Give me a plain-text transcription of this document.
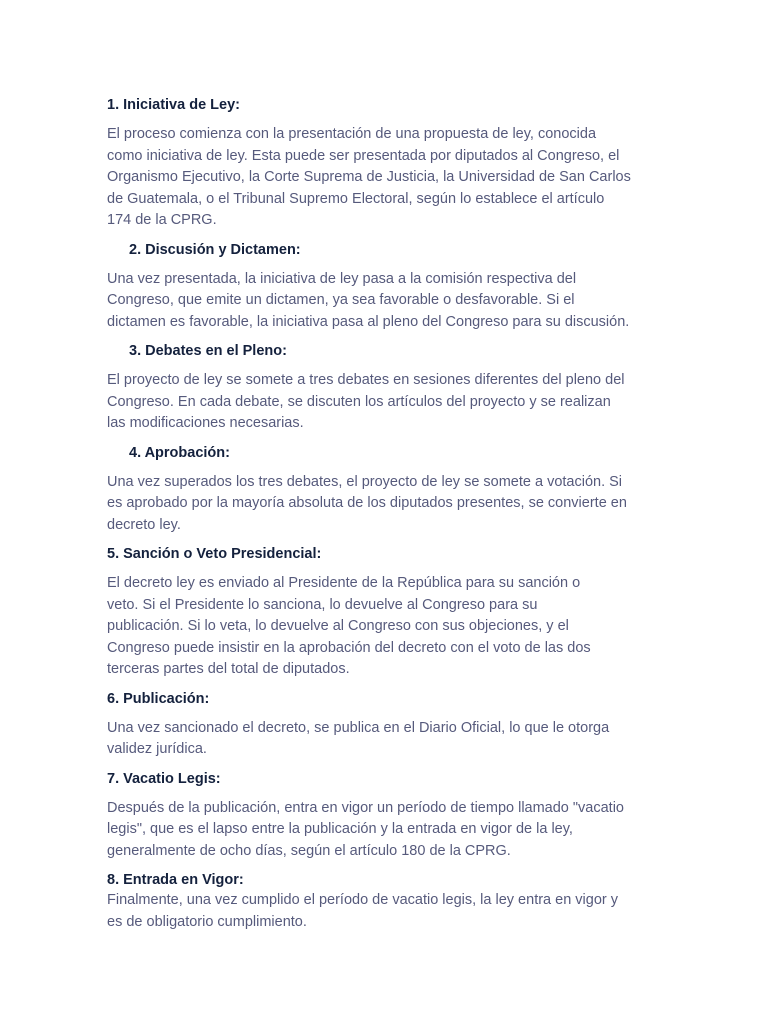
1. Iniciativa de Ley:

El proceso comienza con la presentación de una propuesta de ley, conocida
como iniciativa de ley. Esta puede ser presentada por diputados al Congreso, el
Organismo Ejecutivo, la Corte Suprema de Justicia, la Universidad de San Carlos
de Guatemala, o el Tribunal Supremo Electoral, según lo establece el artículo
174 de la CPRG.

2. Discusión y Dictamen:

Una vez presentada, la iniciativa de ley pasa a la comisión respectiva del
Congreso, que emite un dictamen, ya sea favorable o desfavorable. Si el
dictamen es favorable, la iniciativa pasa al pleno del Congreso para su discusión.

3. Debates en el Pleno:

El proyecto de ley se somete a tres debates en sesiones diferentes del pleno del
Congreso. En cada debate, se discuten los artículos del proyecto y se realizan
las modificaciones necesarias.

4. Aprobación:

Una vez superados los tres debates, el proyecto de ley se somete a votación. Si
es aprobado por la mayoría absoluta de los diputados presentes, se convierte en
decreto ley.

5. Sanción o Veto Presidencial:

El decreto ley es enviado al Presidente de la República para su sanción o
veto. Si el Presidente lo sanciona, lo devuelve al Congreso para su
publicación. Si lo veta, lo devuelve al Congreso con sus objeciones, y el
Congreso puede insistir en la aprobación del decreto con el voto de las dos
terceras partes del total de diputados.

6. Publicación:

Una vez sancionado el decreto, se publica en el Diario Oficial, lo que le otorga
validez jurídica.

7. Vacatio Legis:

Después de la publicación, entra en vigor un período de tiempo llamado "vacatio
legis", que es el lapso entre la publicación y la entrada en vigor de la ley,
generalmente de ocho días, según el artículo 180 de la CPRG.

8. Entrada en Vigor:

Finalmente, una vez cumplido el período de vacatio legis, la ley entra en vigor y
es de obligatorio cumplimiento.
